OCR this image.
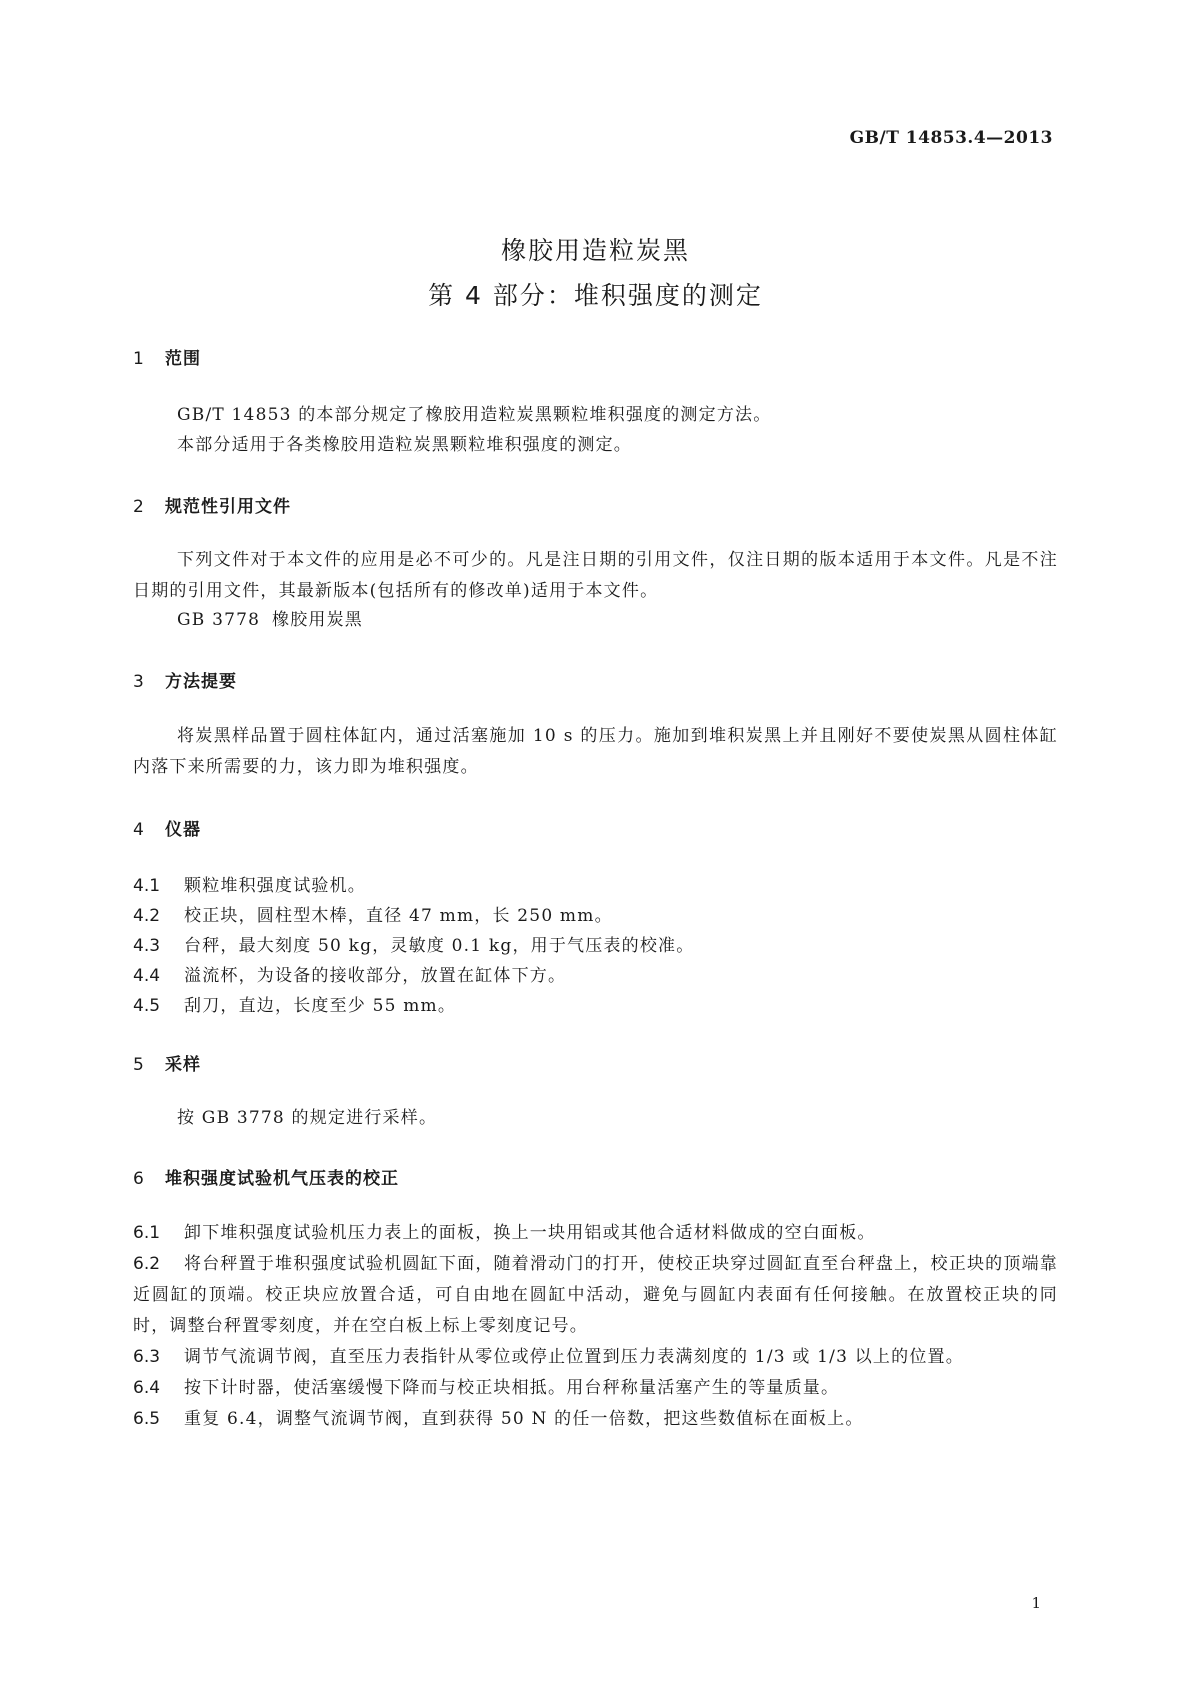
GB/T 14853.4—2013
橡胶用造粒炭黑
第 4 部分：堆积强度的测定
1 范围
GB/T 14853 的本部分规定了橡胶用造粒炭黑颗粒堆积强度的测定方法。
本部分适用于各类橡胶用造粒炭黑颗粒堆积强度的测定。
2 规范性引用文件
下列文件对于本文件的应用是必不可少的。凡是注日期的引用文件，仅注日期的版本适用于本文件。凡是不注日期的引用文件，其最新版本(包括所有的修改单)适用于本文件。
GB 3778 橡胶用炭黑
3 方法提要
将炭黑样品置于圆柱体缸内，通过活塞施加 10 s 的压力。施加到堆积炭黑上并且刚好不要使炭黑从圆柱体缸内落下来所需要的力，该力即为堆积强度。
4 仪器
4.1 颗粒堆积强度试验机。
4.2 校正块，圆柱型木棒，直径 47 mm，长 250 mm。
4.3 台秤，最大刻度 50 kg，灵敏度 0.1 kg，用于气压表的校准。
4.4 溢流杯，为设备的接收部分，放置在缸体下方。
4.5 刮刀，直边，长度至少 55 mm。
5 采样
按 GB 3778 的规定进行采样。
6 堆积强度试验机气压表的校正
6.1 卸下堆积强度试验机压力表上的面板，换上一块用铝或其他合适材料做成的空白面板。
6.2 将台秤置于堆积强度试验机圆缸下面，随着滑动门的打开，使校正块穿过圆缸直至台秤盘上，校正块的顶端靠近圆缸的顶端。校正块应放置合适，可自由地在圆缸中活动，避免与圆缸内表面有任何接触。在放置校正块的同时，调整台秤置零刻度，并在空白板上标上零刻度记号。
6.3 调节气流调节阀，直至压力表指针从零位或停止位置到压力表满刻度的 1/3 或 1/3 以上的位置。
6.4 按下计时器，使活塞缓慢下降而与校正块相抵。用台秤称量活塞产生的等量质量。
6.5 重复 6.4，调整气流调节阀，直到获得 50 N 的任一倍数，把这些数值标在面板上。
1
